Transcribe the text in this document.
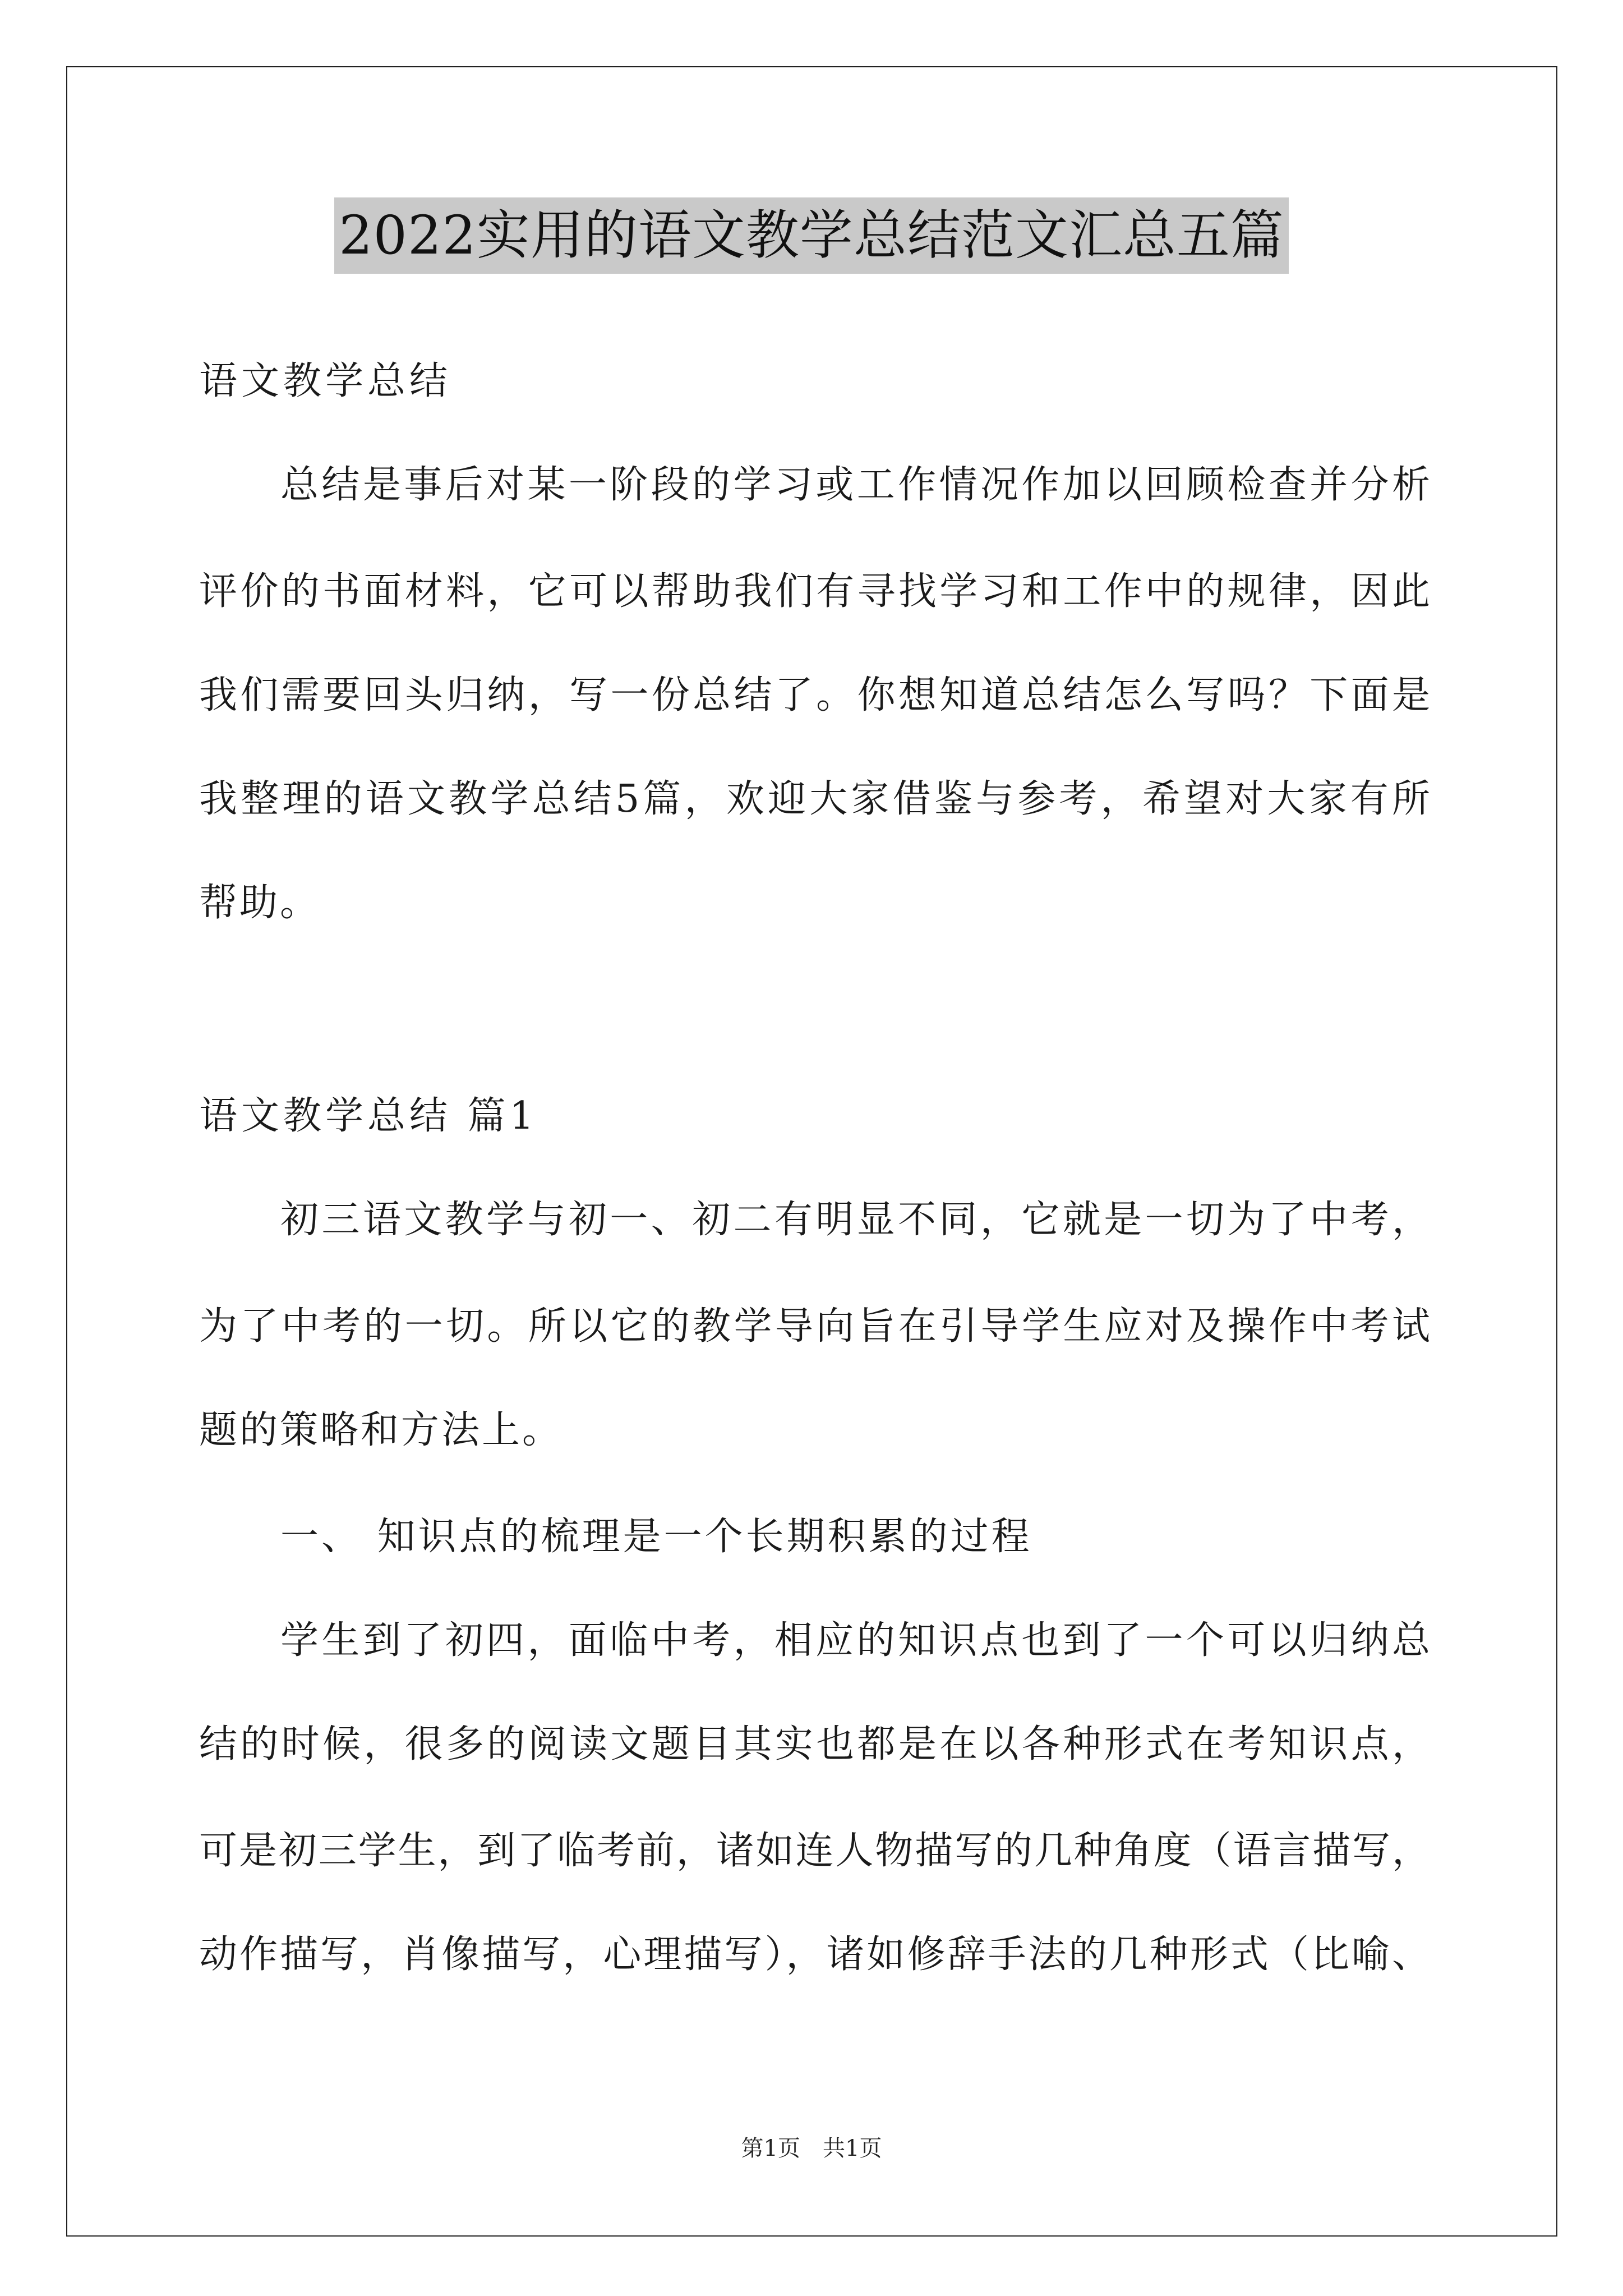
2022实用的语文教学总结范文汇总五篇
语文教学总结
总结是事后对某一阶段的学习或工作情况作加以回顾检查并分析
评价的书面材料，它可以帮助我们有寻找学习和工作中的规律，因此
我们需要回头归纳，写一份总结了。你想知道总结怎么写吗？下面是
我整理的语文教学总结5篇，欢迎大家借鉴与参考，希望对大家有所
帮助。
语文教学总结 篇1
初三语文教学与初一、初二有明显不同，它就是一切为了中考，
为了中考的一切。所以它的教学导向旨在引导学生应对及操作中考试
题的策略和方法上。
一、 知识点的梳理是一个长期积累的过程
学生到了初四，面临中考，相应的知识点也到了一个可以归纳总
结的时候，很多的阅读文题目其实也都是在以各种形式在考知识点，
可是初三学生，到了临考前，诸如连人物描写的几种角度（语言描写，
动作描写，肖像描写，心理描写），诸如修辞手法的几种形式（比喻、
第1页　共1页
